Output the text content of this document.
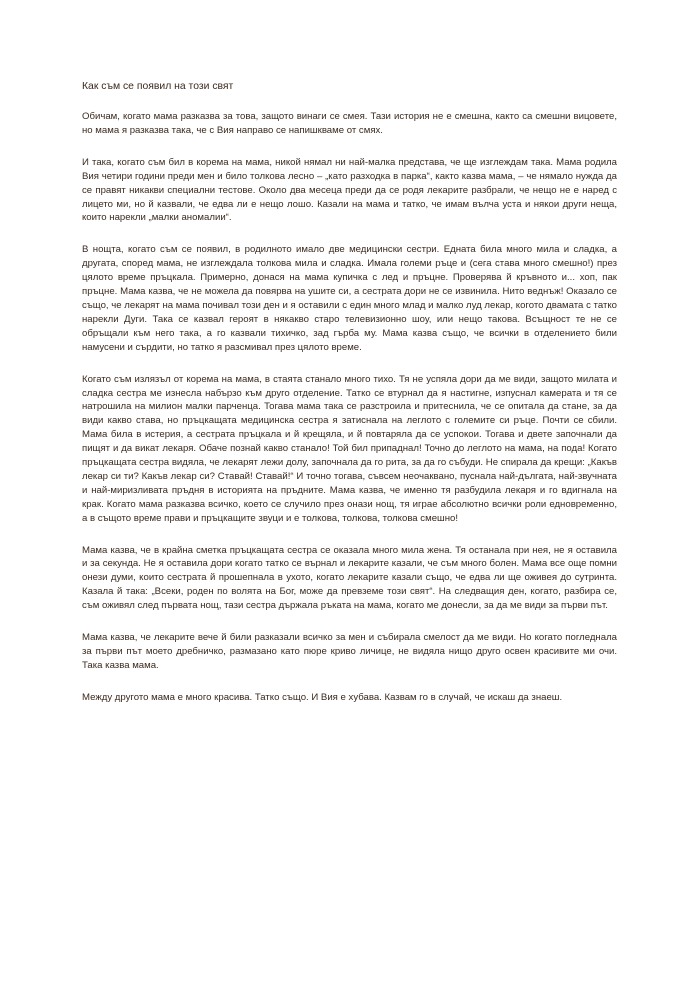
Как съм се появил на този свят

Обичам, когато мама разказва за това, защото винаги се смея. Тази история не е смешна, както са смешни вицовете, но мама я разказва така, че с Вия направо се напишкваме от смях.

И така, когато съм бил в корема на мама, никой нямал ни най-малка представа, че ще изглеждам така. Мама родила Вия четири години преди мен и било толкова лесно – „като разходка в парка“, както казва мама, – че нямало нужда да се правят никакви специални тестове. Около два месеца преди да се родя лекарите разбрали, че нещо не е наред с лицето ми, но й казвали, че едва ли е нещо лошо. Казали на мама и татко, че имам вълча уста и някои други неща, които нарекли „малки аномалии“.

В нощта, когато съм се появил, в родилното имало две медицински сестри. Едната била много мила и сладка, а другата, според мама, не изглеждала толкова мила и сладка. Имала големи ръце и (сега става много смешно!) през цялото време пръцкала. Примерно, донася на мама купичка с лед и пръцне. Проверява й кръвното и... хоп, пак пръцне. Мама казва, че не можела да повярва на ушите си, а сестрата дори не се извинила. Нито веднъж! Оказало се също, че лекарят на мама почивал този ден и я оставили с един много млад и малко луд лекар, когото двамата с татко нарекли Дуги. Така се казвал героят в някакво старо телевизионно шоу, или нещо такова. Всъщност те не се обръщали към него така, а го казвали тихичко, зад гърба му. Мама казва също, че всички в отделението били намусени и сърдити, но татко я разсмивал през цялото време.

Когато съм излязъл от корема на мама, в стаята станало много тихо. Тя не успяла дори да ме види, защото милата и сладка сестра ме изнесла набързо към друго отделение. Татко се втурнал да я настигне, изпуснал камерата и тя се натрошила на милион малки парченца. Тогава мама така се разстроила и притеснила, че се опитала да стане, за да види какво става, но пръцкащата медицинска сестра я затиснала на леглото с големите си ръце. Почти се сбили. Мама била в истерия, а сестрата пръцкала и й крещяла, и й повтаряла да се успокои. Тогава и двете започнали да пищят и да викат лекаря. Обаче познай какво станало! Той бил припаднал! Точно до леглото на мама, на пода! Когато пръцкащата сестра видяла, че лекарят лежи долу, започнала да го рита, за да го събуди. Не спирала да крещи: „Какъв лекар си ти? Какъв лекар си? Ставай! Ставай!“ И точно тогава, съвсем неочаквано, пуснала най-дългата, най-звучната и най-миризливата пръдня в историята на пръдните. Мама казва, че именно тя разбудила лекаря и го вдигнала на крак. Когато мама разказва всичко, което се случило през онази нощ, тя играе абсолютно всички роли едновременно, а в същото време прави и пръцкащите звуци и е толкова, толкова, толкова смешно!

Мама казва, че в крайна сметка пръцкащата сестра се оказала много мила жена. Тя останала при нея, не я оставила и за секунда. Не я оставила дори когато татко се върнал и лекарите казали, че съм много болен. Мама все още помни онези думи, които сестрата й прошепнала в ухото, когато лекарите казали също, че едва ли ще оживея до сутринта. Казала й така: „Всеки, роден по волята на Бог, може да превземе този свят“. На следващия ден, когато, разбира се, съм оживял след първата нощ, тази сестра държала ръката на мама, когато ме донесли, за да ме види за първи път.

Мама казва, че лекарите вече й били разказали всичко за мен и събирала смелост да ме види. Но когато погледнала за първи път моето дребничко, размазано като пюре криво личице, не видяла нищо друго освен красивите ми очи. Така казва мама.

Между другото мама е много красива. Татко също. И Вия е хубава. Казвам го в случай, че искаш да знаеш.
